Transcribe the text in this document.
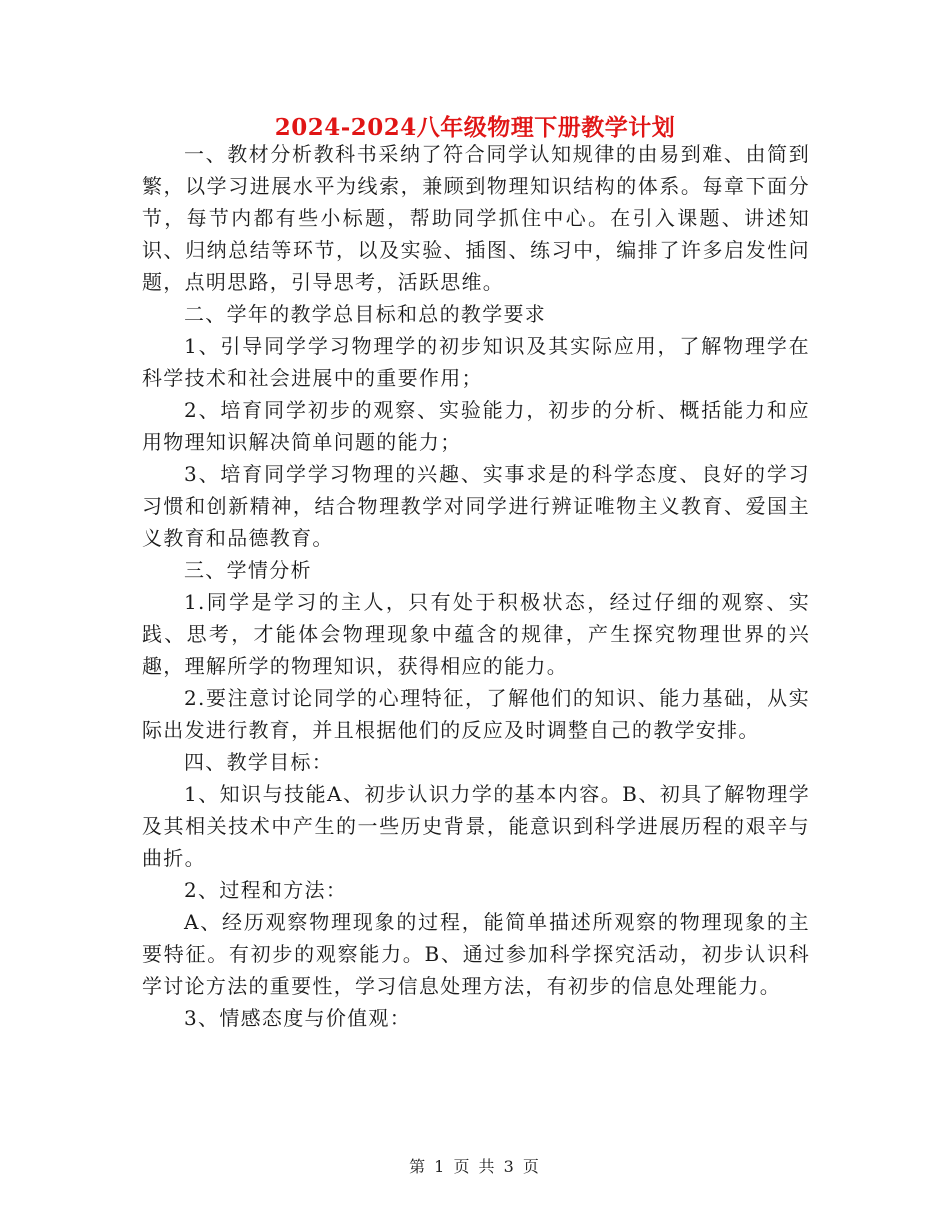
2024-2024八年级物理下册教学计划

一、教材分析教科书采纳了符合同学认知规律的由易到难、由简到繁，以学习进展水平为线索，兼顾到物理知识结构的体系。每章下面分节，每节内都有些小标题，帮助同学抓住中心。在引入课题、讲述知识、归纳总结等环节，以及实验、插图、练习中，编排了许多启发性问题，点明思路，引导思考，活跃思维。

二、学年的教学总目标和总的教学要求

1、引导同学学习物理学的初步知识及其实际应用，了解物理学在科学技术和社会进展中的重要作用；

2、培育同学初步的观察、实验能力，初步的分析、概括能力和应用物理知识解决简单问题的能力；

3、培育同学学习物理的兴趣、实事求是的科学态度、良好的学习习惯和创新精神，结合物理教学对同学进行辨证唯物主义教育、爱国主义教育和品德教育。

三、学情分析

1.同学是学习的主人，只有处于积极状态，经过仔细的观察、实践、思考，才能体会物理现象中蕴含的规律，产生探究物理世界的兴趣，理解所学的物理知识，获得相应的能力。

2.要注意讨论同学的心理特征，了解他们的知识、能力基础，从实际出发进行教育，并且根据他们的反应及时调整自己的教学安排。

四、教学目标：

1、知识与技能A、初步认识力学的基本内容。B、初具了解物理学及其相关技术中产生的一些历史背景，能意识到科学进展历程的艰辛与曲折。

2、过程和方法：

A、经历观察物理现象的过程，能简单描述所观察的物理现象的主要特征。有初步的观察能力。B、通过参加科学探究活动，初步认识科学讨论方法的重要性，学习信息处理方法，有初步的信息处理能力。

3、情感态度与价值观：

第 1 页 共 3 页
